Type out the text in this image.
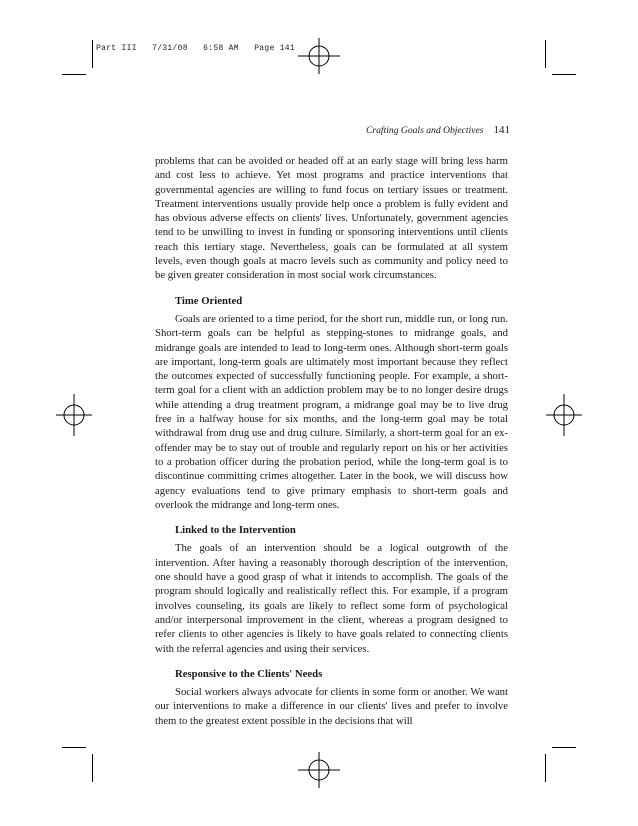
Part III 7/31/08 6:58 AM Page 141
Crafting Goals and Objectives 141

problems that can be avoided or headed off at an early stage will bring less harm and cost less to achieve. Yet most programs and practice interventions that governmental agencies are willing to fund focus on tertiary issues or treatment. Treatment interventions usually provide help once a problem is fully evident and has obvious adverse effects on clients' lives. Unfortunately, government agencies tend to be unwilling to invest in funding or sponsoring interventions until clients reach this tertiary stage. Nevertheless, goals can be formulated at all system levels, even though goals at macro levels such as community and policy need to be given greater consideration in most social work circumstances.

Time Oriented

Goals are oriented to a time period, for the short run, middle run, or long run. Short-term goals can be helpful as stepping-stones to midrange goals, and midrange goals are intended to lead to long-term ones. Although short-term goals are important, long-term goals are ultimately most important because they reflect the outcomes expected of successfully functioning people. For example, a short-term goal for a client with an addiction problem may be to no longer desire drugs while attending a drug treatment program, a midrange goal may be to live drug free in a halfway house for six months, and the long-term goal may be total withdrawal from drug use and drug culture. Similarly, a short-term goal for an ex-offender may be to stay out of trouble and regularly report on his or her activities to a probation officer during the probation period, while the long-term goal is to discontinue committing crimes altogether. Later in the book, we will discuss how agency evaluations tend to give primary emphasis to short-term goals and overlook the midrange and long-term ones.

Linked to the Intervention

The goals of an intervention should be a logical outgrowth of the intervention. After having a reasonably thorough description of the intervention, one should have a good grasp of what it intends to accomplish. The goals of the program should logically and realistically reflect this. For example, if a program involves counseling, its goals are likely to reflect some form of psychological and/or interpersonal improvement in the client, whereas a program designed to refer clients to other agencies is likely to have goals related to connecting clients with the referral agencies and using their services.

Responsive to the Clients' Needs

Social workers always advocate for clients in some form or another. We want our interventions to make a difference in our clients' lives and prefer to involve them to the greatest extent possible in the decisions that will
